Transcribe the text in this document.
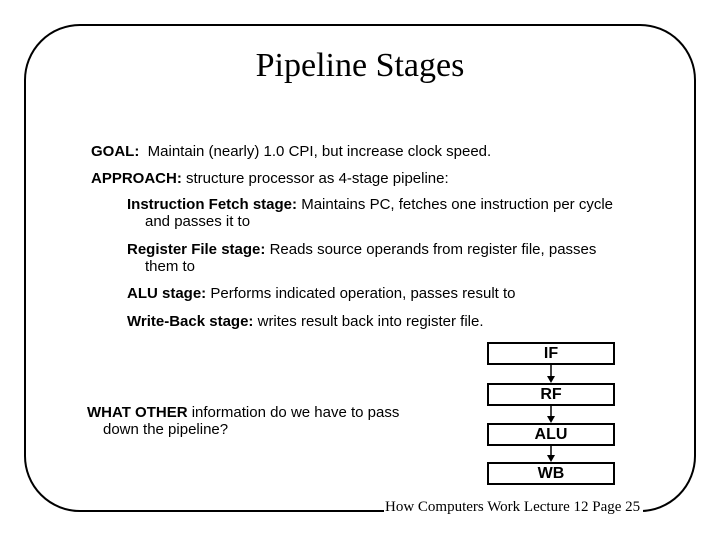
Pipeline Stages
GOAL: Maintain (nearly) 1.0 CPI, but increase clock speed.
APPROACH: structure processor as 4-stage pipeline:
Instruction Fetch stage: Maintains PC, fetches one instruction per cycle
and passes it to
Register File stage: Reads source operands from register file, passes
them to
ALU stage: Performs indicated operation, passes result to
Write-Back stage: writes result back into register file.
WHAT OTHER information do we have to pass
down the pipeline?
IF
RF
ALU
WB
How Computers Work Lecture 12 Page 25
